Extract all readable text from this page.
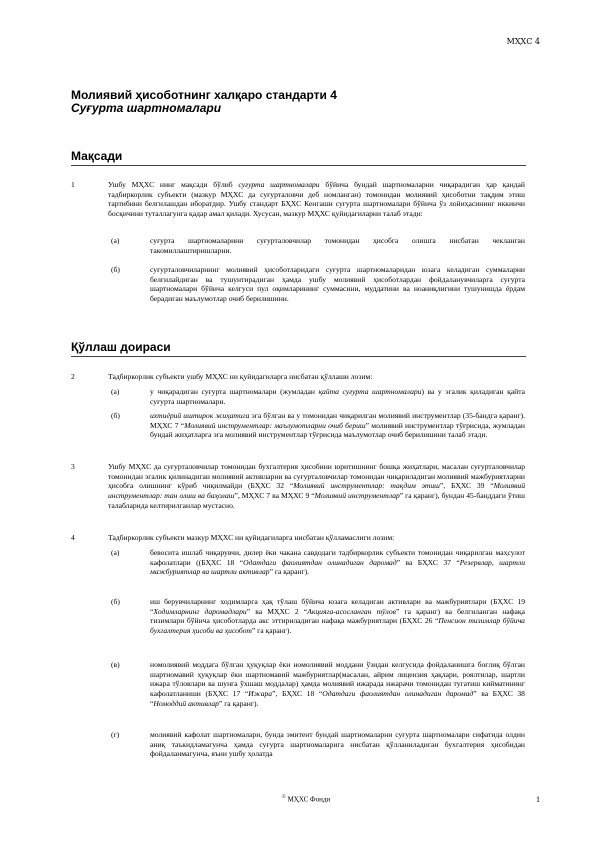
МҲХС 4
Молиявий ҳисоботнинг халқаро стандарти 4
Суғурта шартномалари
Мақсади
1	Ушбу МҲХС нинг мақсади бўлиб суғурта шартномалари бўйича бундай шартномаларни чиқарадиган ҳар қандай тадбиркорлик субъекти (мазкур МҲХС да суғурталовчи деб номланган) томонидан молиявий ҳисоботни тақдим этиш тартибини белгилашдан иборатдир. Ушбу стандарт БҲХС Кенгаши суғурта шартномалари бўйича ўз лойиҳасининг иккинчи босқичини туталлагунга қадар амал қилади. Хусусан, мазкур МҲХС қуйидагиларни талаб этади:
(а)	суғурта шартномаларини суғурталовчилар томонидан ҳисобга олишга нисбатан чекланган такомиллаштиришларни.
(б)	суғурталовчиларнинг молиявий ҳисоботларидаги суғурта шартномаларидан юзага келадиган суммаларни белгилайдиган ва тушунтирадиган ҳамда ушбу молиявий ҳисоботлардан фойдаланувчиларга суғурта шартномалари бўйича келгуси пул оқимларининг суммасини, муддатини ва ноаниқлигини тушунишда ёрдам берадиган маълумотлар очиб берилишини.
Қўллаш доираси
2	Тадбиркорлик субъекти ушбу МҲХС ни қуйидагиларга нисбатан қўллаши лозим:
(а)	у чиқарадиган суғурта шартномалари (жумладан қайта суғурта шартномалари) ва у эгалик қиладиган қайта суғурта шартномалари.
(б)	ихтиёрий иштирок жиҳатига эга бўлган ва у томонидан чиқарилган молиявий инструментлар (35-бандга қаранг). МҲХС 7 “Молиявий инструментлар: маълумотларни очиб бериш” молиявий инструментлар тўғрисида, жумладан бундай жиҳатларга эга молиявий инструментлар тўғрисида маълумотлар очиб берилишини талаб этади.
3	Ушбу МҲХС да суғурталовчилар томонидан бухгалтерия ҳисобини юритишнинг бошқа жиҳатлари, масалан суғурталовчилар томонидан эгалик қилинадиган молиявий активларни ва суғурталовчилар томонидан чиқариладиган молиявий мажбуриятларни ҳисобга олишнинг кўриб чиқилмайди (БҲХС 32 “Молиявий инструментлар: тақдим этиш”, БҲХС 39 “Молиявий инструментлар: тан олиш ва баҳолаш”, МҲХС 7 ва МҲХС 9 “Молиявий инструментлар” га қаранг), бундан 45-банддаги ўтиш талабларида келтирилганлар мустасно.
4	Тадбиркорлик субъекти мазкур МҲХС ни қуйидагиларга нисбатан қўлламаслиги лозим:
(а)	бевосита ишлаб чиқарувчи, дилер ёки чакана савдодаги тадбиркорлик субъекти томонидан чиқарилган маҳсулот кафолатлари ((БҲХС 18 “Одатдаги фаолиятдан олинадиган даромад” ва БҲХС 37 “Резервлар, шартли мажбуриятлар ва шартли активлар” га қаранг).
(б)	иш берувчиларнинг ходимларга ҳақ тўлаш бўйича юзага келадиган активлари ва мажбуриятлари (БҲХС 19 “Ходимларнинг даромадлари” ва МҲХС 2 “Акцияга-асосланган тўлов” га қаранг) ва белгиланган нафақа тизимлари бўйича ҳисоботларда акс эттириладиган нафақа мажбуриятлари (БҲХС 26 “Пенсион тизимлар бўйича бухгалтерия ҳисоби ва ҳисобот” га қаранг).
(в)	номолиявий моддага бўлган ҳуқуқлар ёки номолиявий моддани ўзидан келгусида фойдаланишга боғлиқ бўлган шартномавий ҳуқуқлар ёки шартномавий мажбуриятлар(масалан, айрим лицензия ҳақлари, роялтилар, шартли ижара тўловлари ва шунга ўхшаш моддалар) ҳамда молиявий ижарада ижарачи томонидан тугатиш кийматининг кафолатланиши (БҲХС 17 “Ижара”, БҲХС 18 “Одатдаги фаолиятдан олинадиган даромад” ва БҲХС 38 “Номоддий активлар” га қаранг).
(г)	молиявий кафолат шартномалари, бунда эмитент бундай шартномаларни суғурта шартномалари сифатида олдин аниқ таъкидламагунча ҳамда суғурта шартномаларига нисбатан қўлланиладиган бухгалтерия ҳисобидан фойдаланмагунча, яъни ушбу ҳолатда
© МҲХС Фонди	1
